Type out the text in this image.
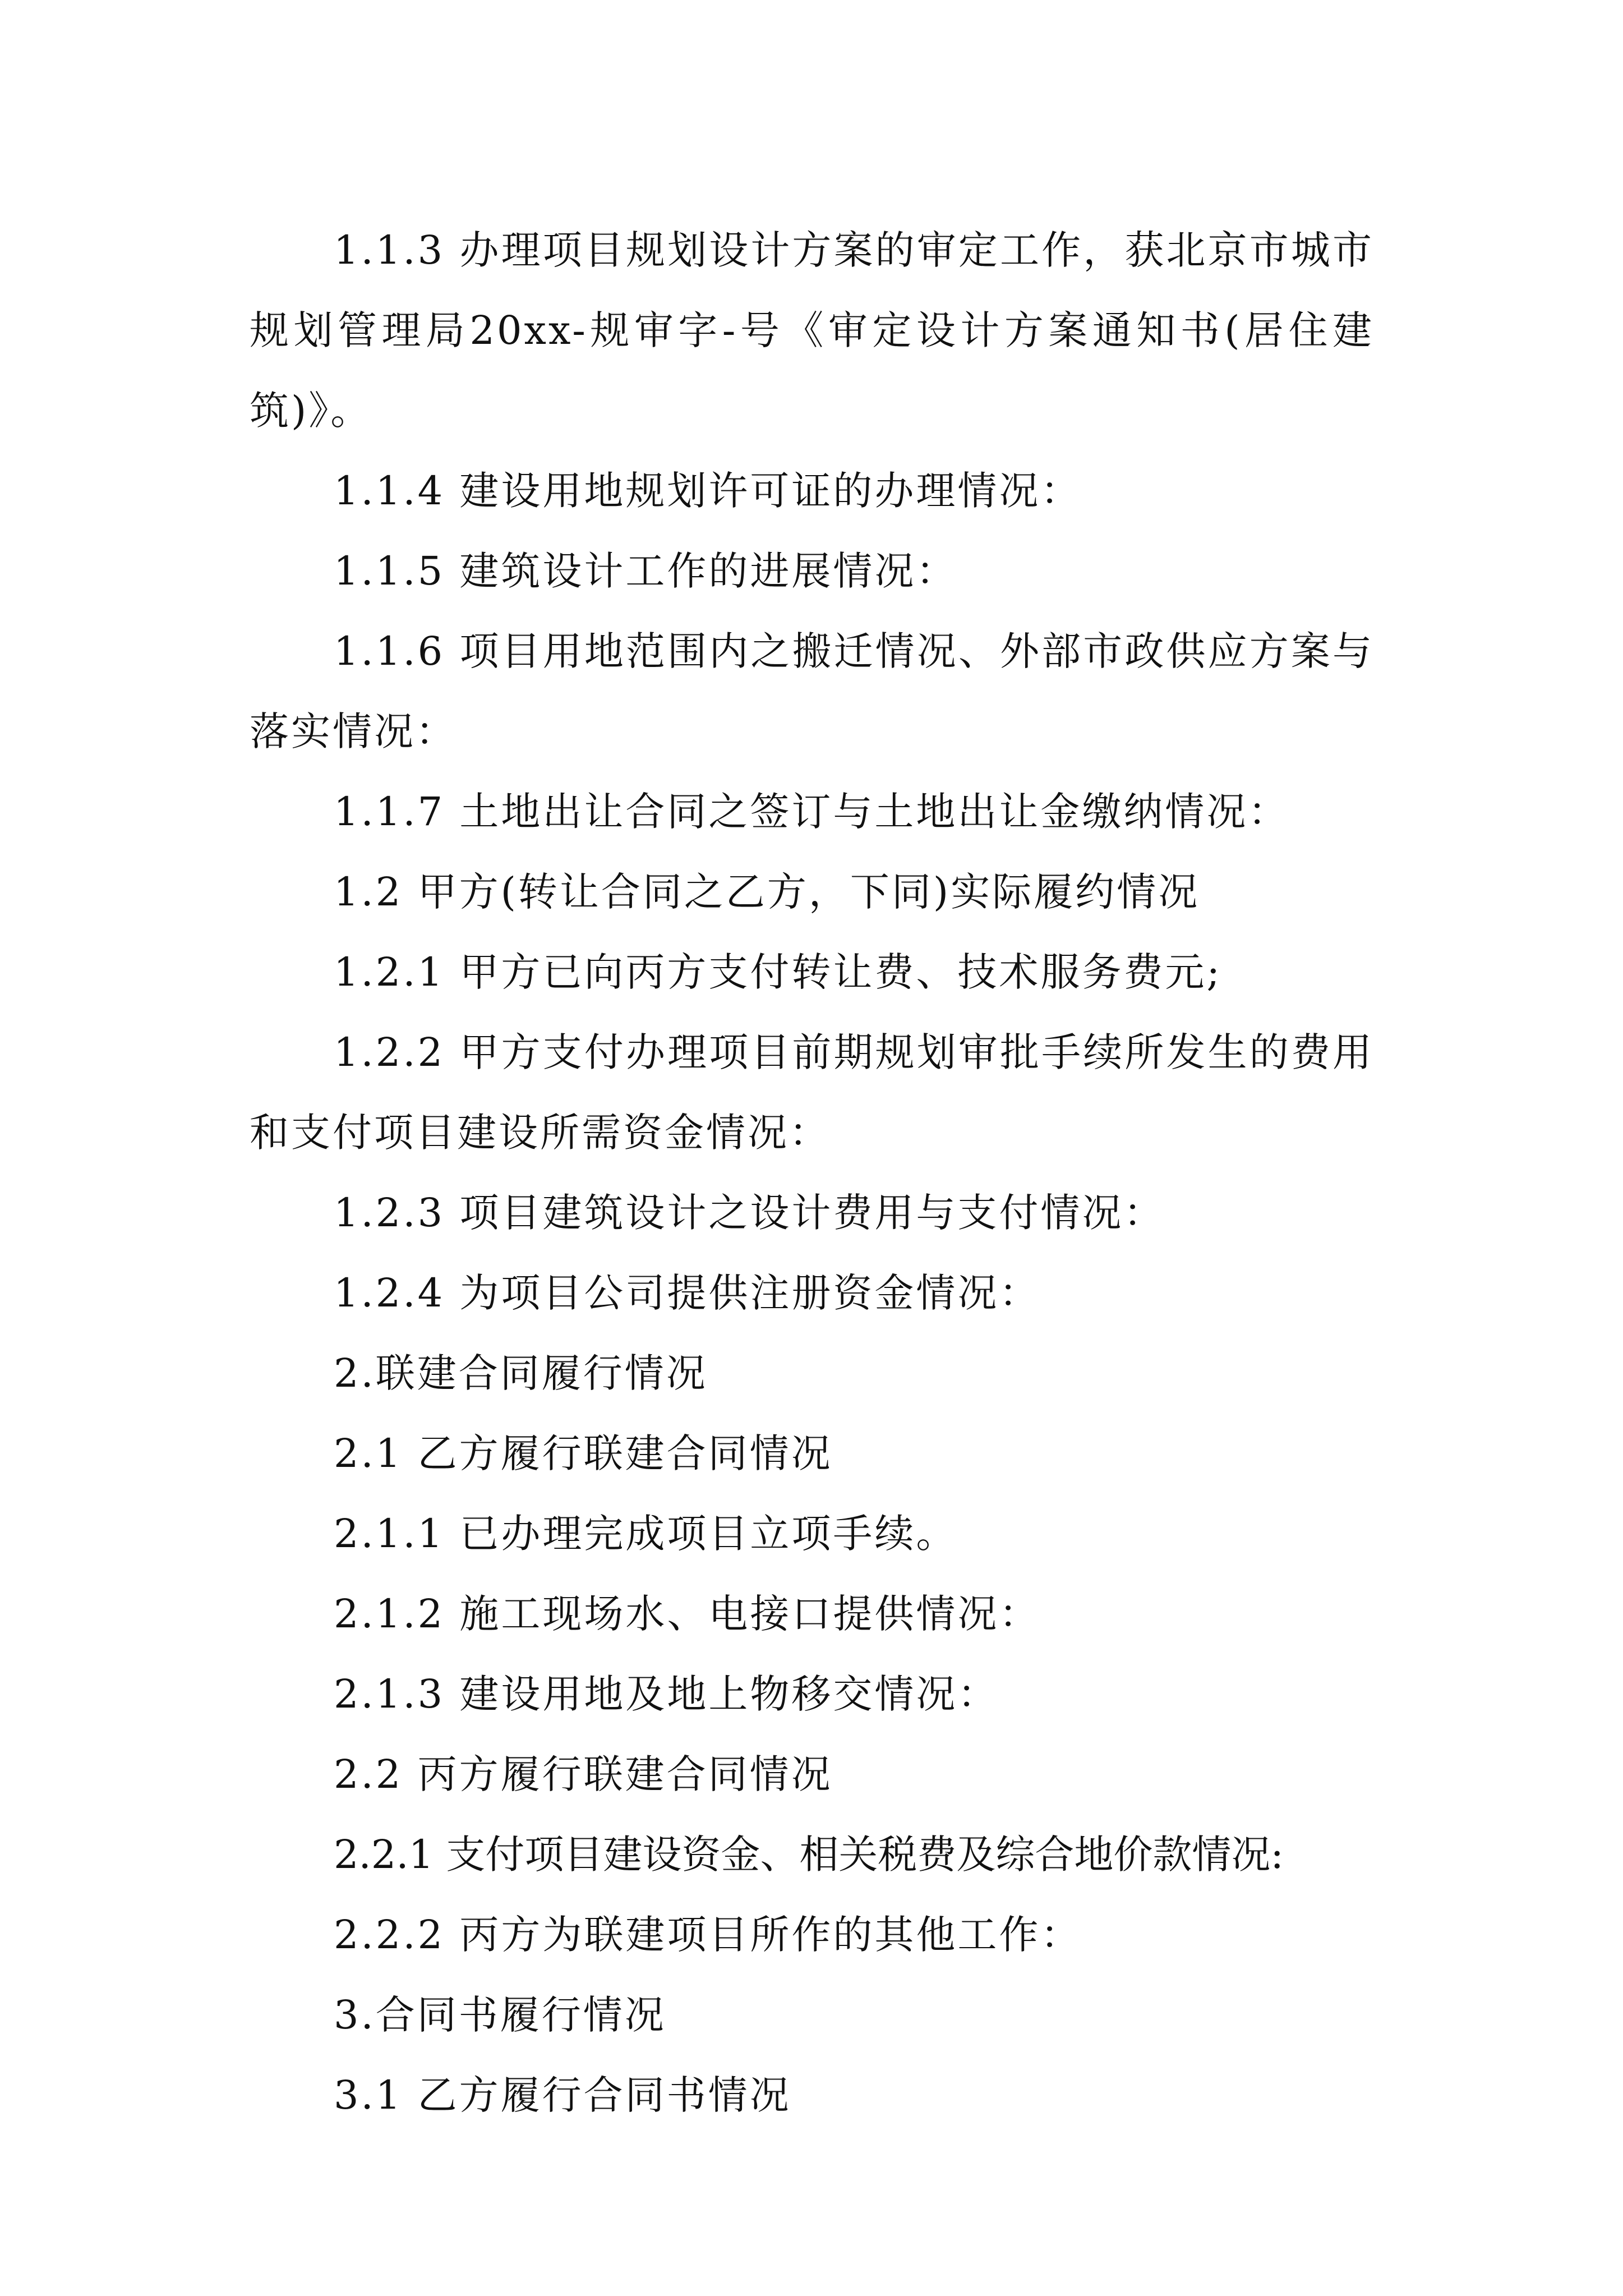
1.1.3 办理项目规划设计方案的审定工作，获北京市城市规划管理局20xx-规审字-号《审定设计方案通知书(居住建筑)》。

1.1.4 建设用地规划许可证的办理情况：

1.1.5 建筑设计工作的进展情况：

1.1.6 项目用地范围内之搬迁情况、外部市政供应方案与落实情况：

1.1.7 土地出让合同之签订与土地出让金缴纳情况：

1.2 甲方(转让合同之乙方，下同)实际履约情况

1.2.1 甲方已向丙方支付转让费、技术服务费元;

1.2.2 甲方支付办理项目前期规划审批手续所发生的费用和支付项目建设所需资金情况：

1.2.3 项目建筑设计之设计费用与支付情况：

1.2.4 为项目公司提供注册资金情况：

2.联建合同履行情况

2.1 乙方履行联建合同情况

2.1.1 已办理完成项目立项手续。

2.1.2 施工现场水、电接口提供情况：

2.1.3 建设用地及地上物移交情况：

2.2 丙方履行联建合同情况

2.2.1 支付项目建设资金、相关税费及综合地价款情况:

2.2.2 丙方为联建项目所作的其他工作：

3.合同书履行情况

3.1 乙方履行合同书情况
